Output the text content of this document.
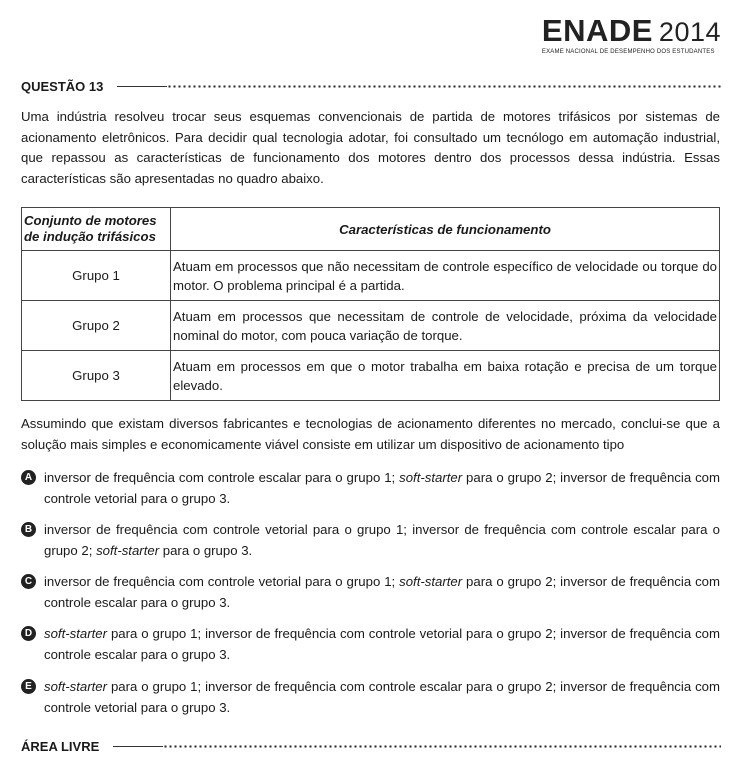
ENADE 2014
EXAME NACIONAL DE DESEMPENHO DOS ESTUDANTES
QUESTÃO 13
Uma indústria resolveu trocar seus esquemas convencionais de partida de motores trifásicos por sistemas de acionamento eletrônicos. Para decidir qual tecnologia adotar, foi consultado um tecnólogo em automação industrial, que repassou as características de funcionamento dos motores dentro dos processos dessa indústria. Essas características são apresentadas no quadro abaixo.
Conjunto de motores de indução trifásicos	Características de funcionamento
Grupo 1	Atuam em processos que não necessitam de controle específico de velocidade ou torque do motor. O problema principal é a partida.
Grupo 2	Atuam em processos que necessitam de controle de velocidade, próxima da velocidade nominal do motor, com pouca variação de torque.
Grupo 3	Atuam em processos em que o motor trabalha em baixa rotação e precisa de um torque elevado.
Assumindo que existam diversos fabricantes e tecnologias de acionamento diferentes no mercado, conclui-se que a solução mais simples e economicamente viável consiste em utilizar um dispositivo de acionamento tipo
A inversor de frequência com controle escalar para o grupo 1; soft-starter para o grupo 2; inversor de frequência com controle vetorial para o grupo 3.
B inversor de frequência com controle vetorial para o grupo 1; inversor de frequência com controle escalar para o grupo 2; soft-starter para o grupo 3.
C inversor de frequência com controle vetorial para o grupo 1; soft-starter para o grupo 2; inversor de frequência com controle escalar para o grupo 3.
D soft-starter para o grupo 1; inversor de frequência com controle vetorial para o grupo 2; inversor de frequência com controle escalar para o grupo 3.
E soft-starter para o grupo 1; inversor de frequência com controle escalar para o grupo 2; inversor de frequência com controle vetorial para o grupo 3.
ÁREA LIVRE
